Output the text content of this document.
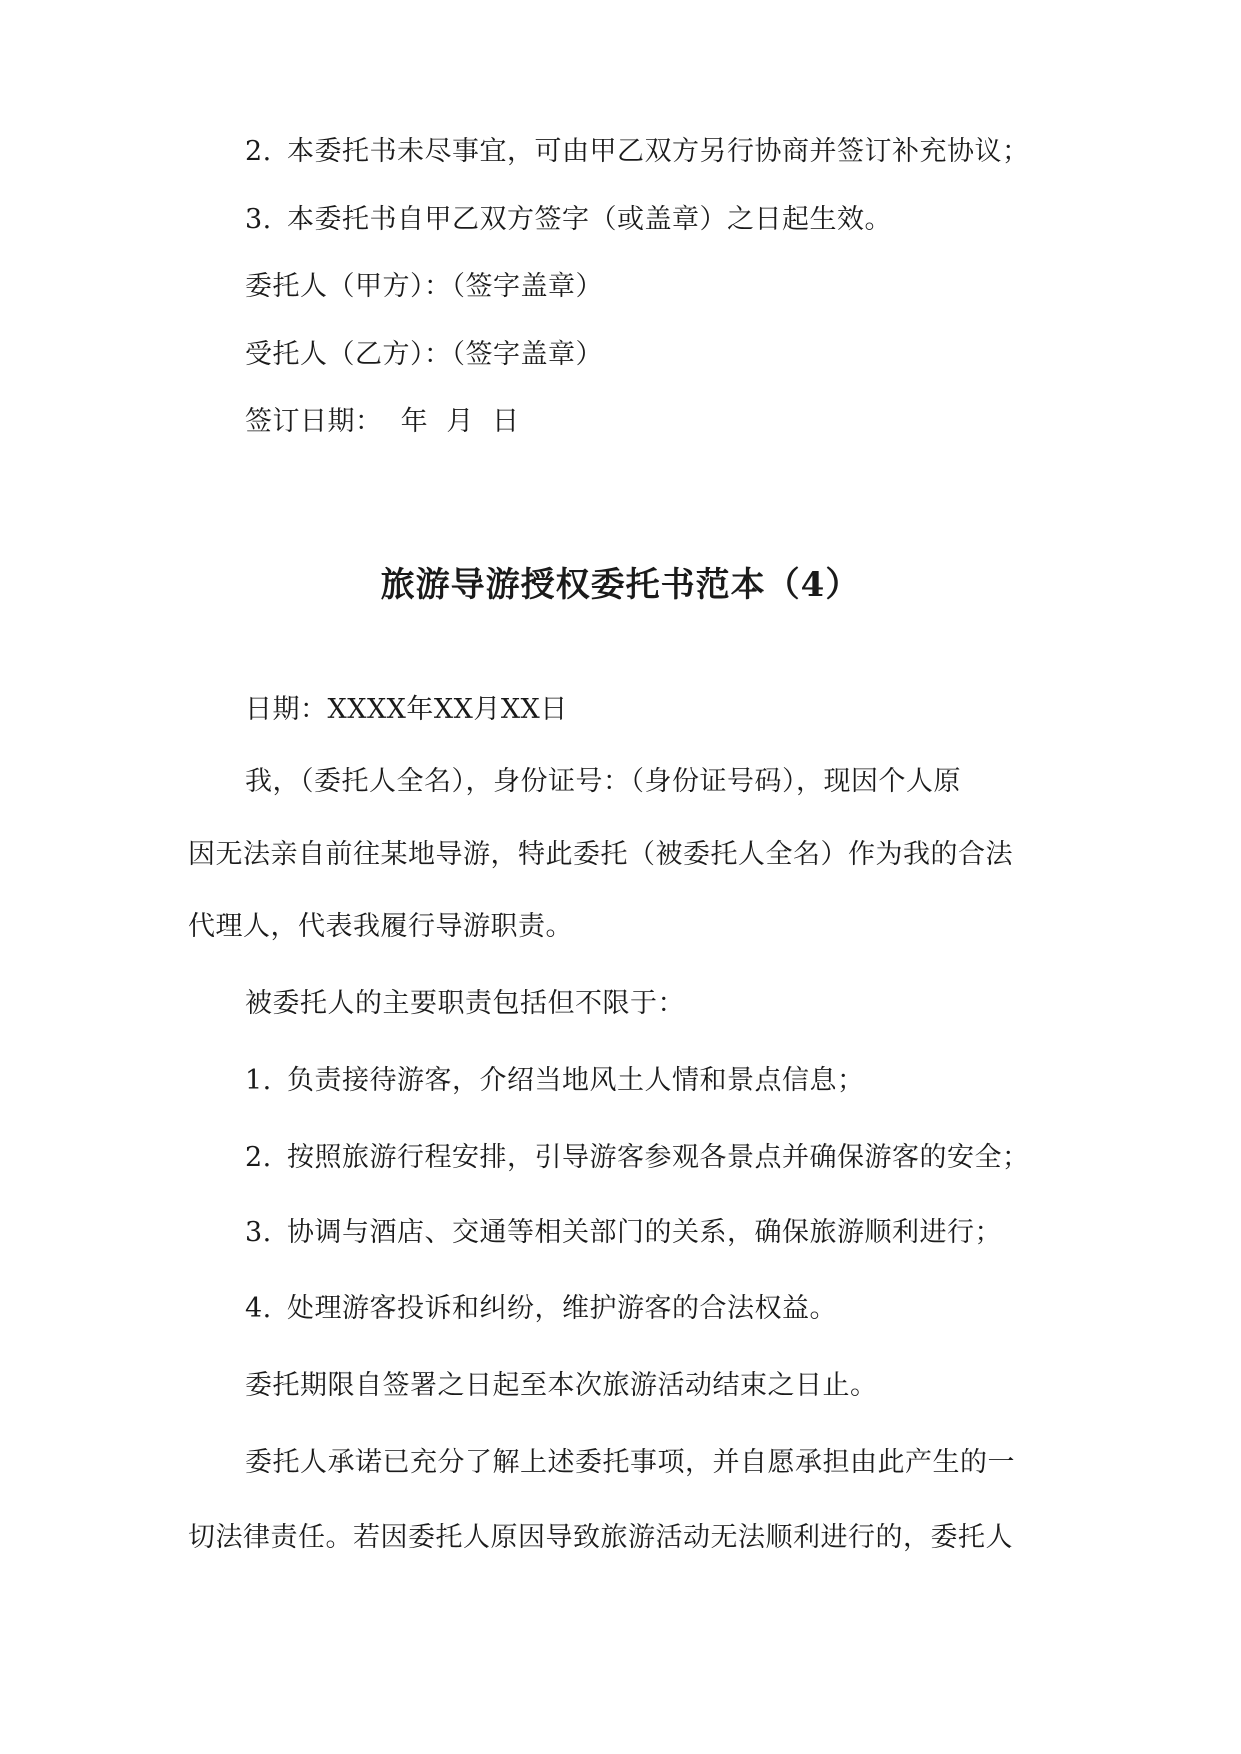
2. 本委托书未尽事宜，可由甲乙双方另行协商并签订补充协议；
3. 本委托书自甲乙双方签字（或盖章）之日起生效。
委托人（甲方）：（签字盖章）
受托人（乙方）：（签字盖章）
签订日期：  年  月  日
旅游导游授权委托书范本（4）
日期：XXXX年XX月XX日
我，（委托人全名），身份证号：（身份证号码），现因个人原
因无法亲自前往某地导游，特此委托（被委托人全名）作为我的合法
代理人，代表我履行导游职责。
被委托人的主要职责包括但不限于：
1. 负责接待游客，介绍当地风土人情和景点信息；
2. 按照旅游行程安排，引导游客参观各景点并确保游客的安全；
3. 协调与酒店、交通等相关部门的关系，确保旅游顺利进行；
4. 处理游客投诉和纠纷，维护游客的合法权益。
委托期限自签署之日起至本次旅游活动结束之日止。
委托人承诺已充分了解上述委托事项，并自愿承担由此产生的一
切法律责任。若因委托人原因导致旅游活动无法顺利进行的，委托人
